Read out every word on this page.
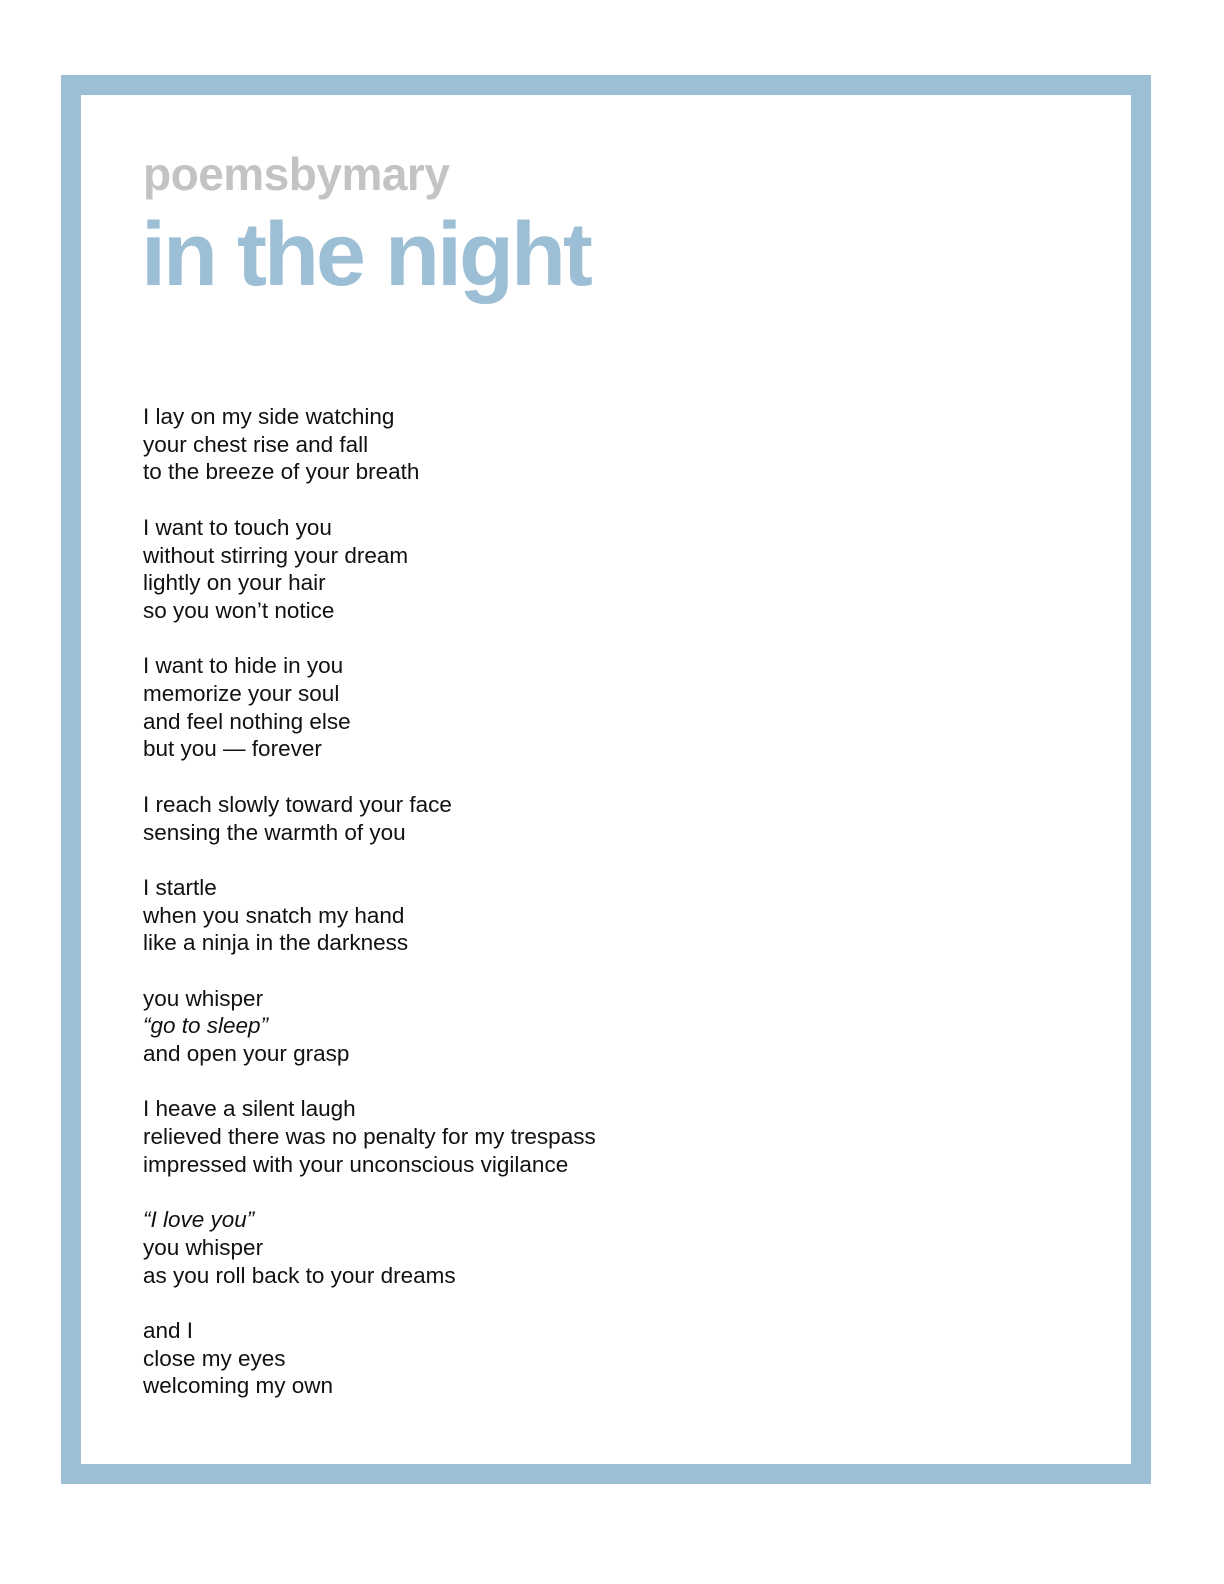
poemsbymary
in the night
I lay on my side watching
your chest rise and fall
to the breeze of your breath
I want to touch you
without stirring your dream
lightly on your hair
so you won’t notice
I want to hide in you
memorize your soul
and feel nothing else
but you — forever
I reach slowly toward your face
sensing the warmth of you
I startle
when you snatch my hand
like a ninja in the darkness
you whisper
“go to sleep”
and open your grasp
I heave a silent laugh
relieved there was no penalty for my trespass
impressed with your unconscious vigilance
“I love you”
you whisper
as you roll back to your dreams
and I
close my eyes
welcoming my own
